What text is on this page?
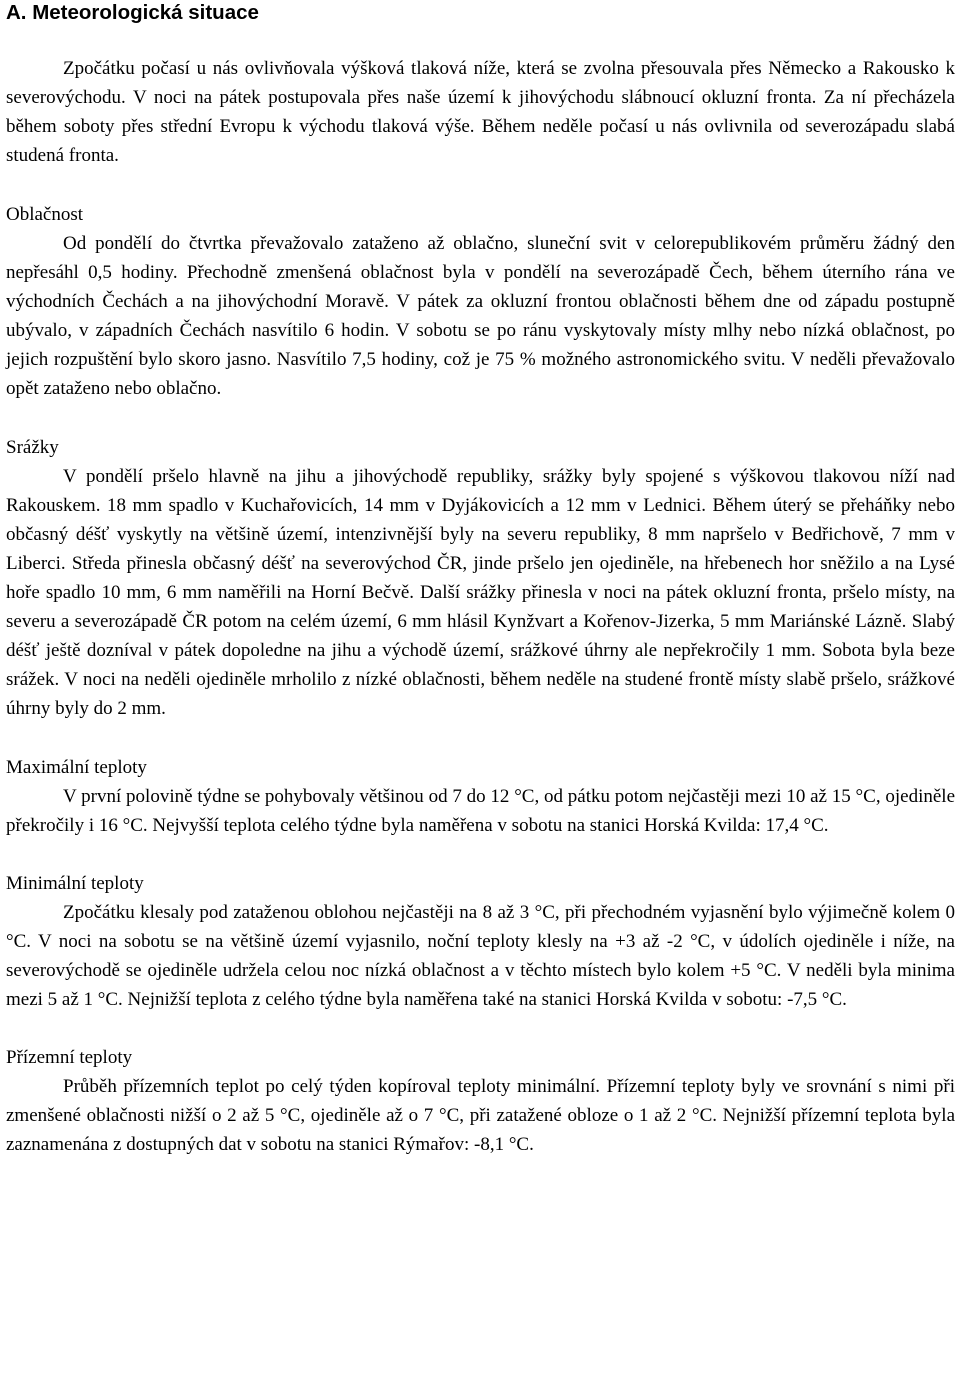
A. Meteorologická situace

Zpočátku počasí u nás ovlivňovala výšková tlaková níže, která se zvolna přesouvala přes Německo a Rakousko k severovýchodu. V noci na pátek postupovala přes naše území k jihovýchodu slábnoucí okluzní fronta. Za ní přecházela během soboty přes střední Evropu k východu tlaková výše. Během neděle počasí u nás ovlivnila od severozápadu slabá studená fronta.

Oblačnost

Od pondělí do čtvrtka převažovalo zataženo až oblačno, sluneční svit v celorepublikovém průměru žádný den nepřesáhl 0,5 hodiny. Přechodně zmenšená oblačnost byla v pondělí na severozápadě Čech, během úterního rána ve východních Čechách a na jihovýchodní Moravě. V pátek za okluzní frontou oblačnosti během dne od západu postupně ubývalo, v západních Čechách nasvítilo 6 hodin. V sobotu se po ránu vyskytovaly místy mlhy nebo nízká oblačnost, po jejich rozpuštění bylo skoro jasno. Nasvítilo 7,5 hodiny, což je 75 % možného astronomického svitu. V neděli převažovalo opět zataženo nebo oblačno.

Srážky

V pondělí pršelo hlavně na jihu a jihovýchodě republiky, srážky byly spojené s výškovou tlakovou níží nad Rakouskem. 18 mm spadlo v Kuchařovicích, 14 mm v Dyjákovicích a 12 mm v Lednici. Během úterý se přeháňky nebo občasný déšť vyskytly na většině území, intenzivnější byly na severu republiky, 8 mm napršelo v Bedřichově, 7 mm v Liberci. Středa přinesla občasný déšť na severovýchod ČR, jinde pršelo jen ojediněle, na hřebenech hor sněžilo a na Lysé hoře spadlo 10 mm, 6 mm naměřili na Horní Bečvě. Další srážky přinesla v noci na pátek okluzní fronta, pršelo místy, na severu a severozápadě ČR potom na celém území, 6 mm hlásil Kynžvart a Kořenov-Jizerka, 5 mm Mariánské Lázně. Slabý déšť ještě dozníval v pátek dopoledne na jihu a východě území, srážkové úhrny ale nepřekročily 1 mm. Sobota byla beze srážek. V noci na neděli ojediněle mrholilo z nízké oblačnosti, během neděle na studené frontě místy slabě pršelo, srážkové úhrny byly do 2 mm.

Maximální teploty

V první polovině týdne se pohybovaly většinou od 7 do 12 °C, od pátku potom nejčastěji mezi 10 až 15 °C, ojediněle překročily i 16 °C. Nejvyšší teplota celého týdne byla naměřena v sobotu na stanici Horská Kvilda: 17,4 °C.

Minimální teploty

Zpočátku klesaly pod zataženou oblohou nejčastěji na 8 až 3 °C, při přechodném vyjasnění bylo výjimečně kolem 0 °C. V noci na sobotu se na většině území vyjasnilo, noční teploty klesly na +3 až -2 °C, v údolích ojediněle i níže, na severovýchodě se ojediněle udržela celou noc nízká oblačnost a v těchto místech bylo kolem +5 °C. V neděli byla minima mezi 5 až 1 °C. Nejnižší teplota z celého týdne byla naměřena také na stanici Horská Kvilda v sobotu: -7,5 °C.

Přízemní teploty

Průběh přízemních teplot po celý týden kopíroval teploty minimální. Přízemní teploty byly ve srovnání s nimi při zmenšené oblačnosti nižší o 2 až 5 °C, ojediněle až o 7 °C, při zatažené obloze o 1 až 2 °C. Nejnižší přízemní teplota byla zaznamenána z dostupných dat v sobotu na stanici Rýmařov: -8,1 °C.
